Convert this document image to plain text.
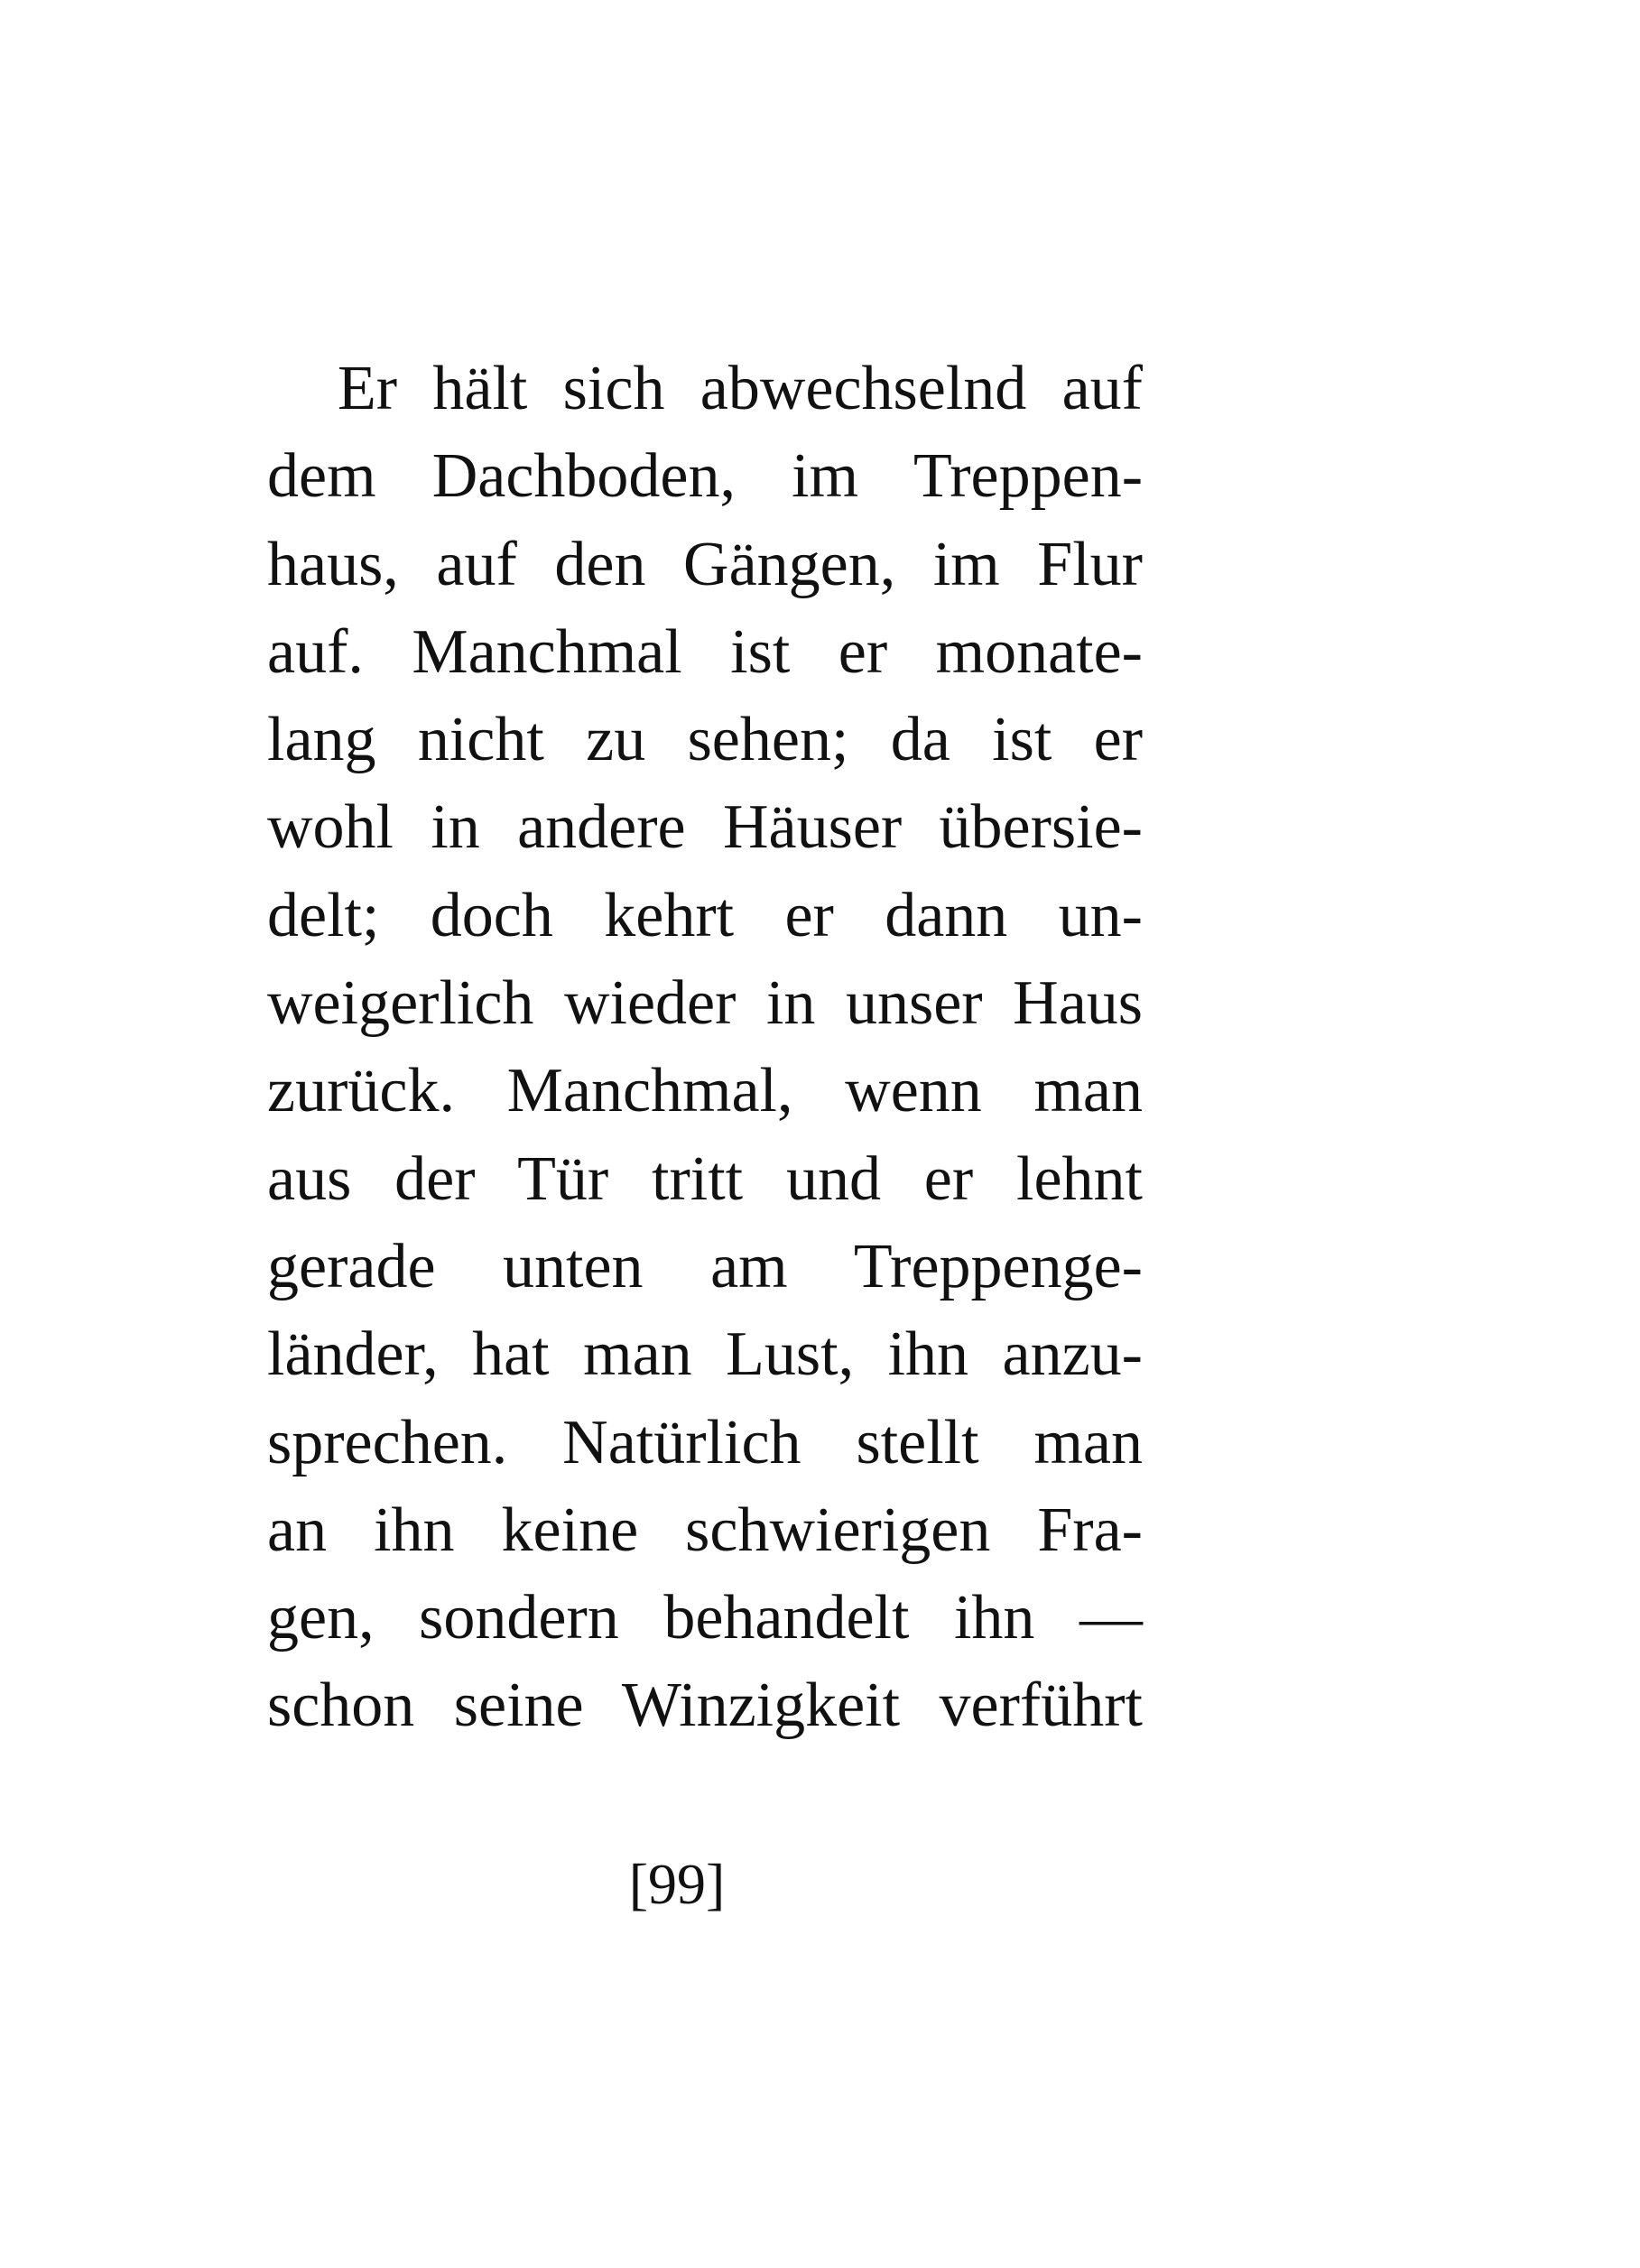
Er hält sich abwechselnd auf
dem Dachboden, im Treppen-
haus, auf den Gängen, im Flur
auf. Manchmal ist er monate-
lang nicht zu sehen; da ist er
wohl in andere Häuser übersie-
delt; doch kehrt er dann un-
weigerlich wieder in unser Haus
zurück. Manchmal, wenn man
aus der Tür tritt und er lehnt
gerade unten am Treppenge-
länder, hat man Lust, ihn anzu-
sprechen. Natürlich stellt man
an ihn keine schwierigen Fra-
gen, sondern behandelt ihn —
schon seine Winzigkeit verführt
[99]
